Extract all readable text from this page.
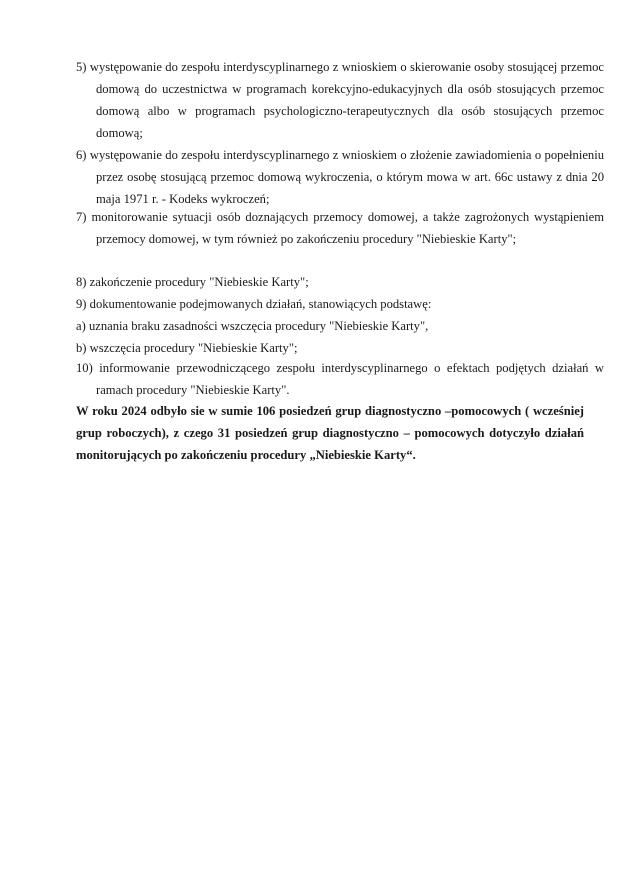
5) występowanie do zespołu interdyscyplinarnego z wnioskiem o skierowanie osoby stosującej przemoc domową do uczestnictwa w programach korekcyjno-edukacyjnych dla osób stosujących przemoc domową albo w programach psychologiczno-terapeutycznych dla osób stosujących przemoc domową;
6) występowanie do zespołu interdyscyplinarnego z wnioskiem o złożenie zawiadomienia o popełnieniu przez osobę stosującą przemoc domową wykroczenia, o którym mowa w art. 66c ustawy z dnia 20 maja 1971 r. - Kodeks wykroczeń;
7) monitorowanie sytuacji osób doznających przemocy domowej, a także zagrożonych wystąpieniem przemocy domowej, w tym również po zakończeniu procedury "Niebieskie Karty";
8) zakończenie procedury "Niebieskie Karty";
9) dokumentowanie podejmowanych działań, stanowiących podstawę:
a) uznania braku zasadności wszczęcia procedury "Niebieskie Karty",
b) wszczęcia procedury "Niebieskie Karty";
10) informowanie przewodniczącego zespołu interdyscyplinarnego o efektach podjętych działań w ramach procedury "Niebieskie Karty".
W roku 2024 odbyło sie w sumie 106 posiedzeń grup diagnostyczno –pomocowych ( wcześniej grup roboczych), z czego 31 posiedzeń grup diagnostyczno – pomocowych dotyczyło działań monitorujących po zakończeniu procedury „Niebieskie Karty“.
